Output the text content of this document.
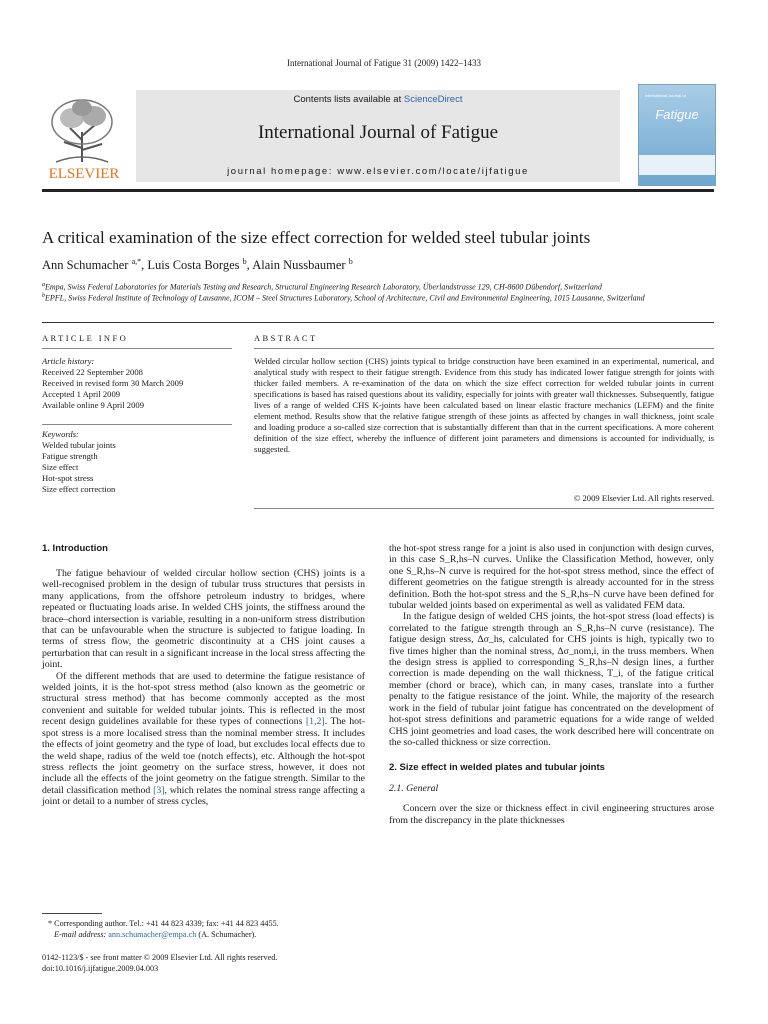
International Journal of Fatigue 31 (2009) 1422–1433
ELSEVIER
Contents lists available at ScienceDirect
International Journal of Fatigue
journal homepage: www.elsevier.com/locate/ijfatigue
International Journal of
Fatigue
A critical examination of the size effect correction for welded steel tubular joints
Ann Schumacher $^{a,*}$, Luis Costa Borges $^b$, Alain Nussbaumer $^b$
$^a$Empa, Swiss Federal Laboratories for Materials Testing and Research, Structural Engineering Research Laboratory, Überlandstrasse 129, CH-8600 Dübendorf, Switzerland
$^b$EPFL, Swiss Federal Institute of Technology of Lausanne, ICOM – Steel Structures Laboratory, School of Architecture, Civil and Environmental Engineering, 1015 Lausanne, Switzerland
ARTICLE INFO	ABSTRACT
Article history:
Received 22 September 2008
Received in revised form 30 March 2009
Accepted 1 April 2009
Available online 9 April 2009
Keywords:
Welded tubular joints
Fatigue strength
Size effect
Hot-spot stress
Size effect correction
Welded circular hollow section (CHS) joints typical to bridge construction have been examined in an experimental, numerical, and analytical study with respect to their fatigue strength. Evidence from this study has indicated lower fatigue strength for joints with thicker failed members. A re-examination of the data on which the size effect correction for welded tubular joints in current specifications is based has raised questions about its validity, especially for joints with greater wall thicknesses. Subsequently, fatigue lives of a range of welded CHS K-joints have been calculated based on linear elastic fracture mechanics (LEFM) and the finite element method. Results show that the relative fatigue strength of these joints as affected by changes in wall thickness, joint scale and loading produce a so-called size correction that is substantially different than that in the current specifications. A more coherent definition of the size effect, whereby the influence of different joint parameters and dimensions is accounted for individually, is suggested.
© 2009 Elsevier Ltd. All rights reserved.
1. Introduction

The fatigue behaviour of welded circular hollow section (CHS) joints is a well-recognised problem in the design of tubular truss structures that persists in many applications, from the offshore petroleum industry to bridges, where repeated or fluctuating loads arise. In welded CHS joints, the stiffness around the brace–chord intersection is variable, resulting in a non-uniform stress distribution that can be unfavourable when the structure is subjected to fatigue loading. In terms of stress flow, the geometric discontinuity at a CHS joint causes a perturbation that can result in a significant increase in the local stress affecting the joint.

Of the different methods that are used to determine the fatigue resistance of welded joints, it is the hot-spot stress method (also known as the geometric or structural stress method) that has become commonly accepted as the most convenient and suitable for welded tubular joints. This is reflected in the most recent design guidelines available for these types of connections [1,2]. The hot-spot stress is a more localised stress than the nominal member stress. It includes the effects of joint geometry and the type of load, but excludes local effects due to the weld shape, radius of the weld toe (notch effects), etc. Although the hot-spot stress reflects the joint geometry on the surface stress, however, it does not include all the effects of the joint geometry on the fatigue strength. Similar to the detail classification method [3], which relates the nominal stress range affecting a joint or detail to a number of stress cycles,

the hot-spot stress range for a joint is also used in conjunction with design curves, in this case S_R,hs–N curves. Unlike the Classification Method, however, only one S_R,hs–N curve is required for the hot-spot stress method, since the effect of different geometries on the fatigue strength is already accounted for in the stress definition. Both the hot-spot stress and the S_R,hs–N curve have been defined for tubular welded joints based on experimental as well as validated FEM data.

In the fatigue design of welded CHS joints, the hot-spot stress (load effects) is correlated to the fatigue strength through an S_R,hs–N curve (resistance). The fatigue design stress, Δσ_hs, calculated for CHS joints is high, typically two to five times higher than the nominal stress, Δσ_nom,i, in the truss members. When the design stress is applied to corresponding S_R,hs–N design lines, a further correction is made depending on the wall thickness, T_i, of the fatigue critical member (chord or brace), which can, in many cases, translate into a further penalty to the fatigue resistance of the joint. While, the majority of the research work in the field of tubular joint fatigue has concentrated on the development of hot-spot stress definitions and parametric equations for a wide range of welded CHS joint geometries and load cases, the work described here will concentrate on the so-called thickness or size correction.

2. Size effect in welded plates and tubular joints
2.1. General

Concern over the size or thickness effect in civil engineering structures arose from the discrepancy in the plate thicknesses

* Corresponding author. Tel.: +41 44 823 4339; fax: +41 44 823 4455.
E-mail address: ann.schumacher@empa.ch (A. Schumacher).
0142-1123/$ - see front matter © 2009 Elsevier Ltd. All rights reserved.
doi:10.1016/j.ijfatigue.2009.04.003
